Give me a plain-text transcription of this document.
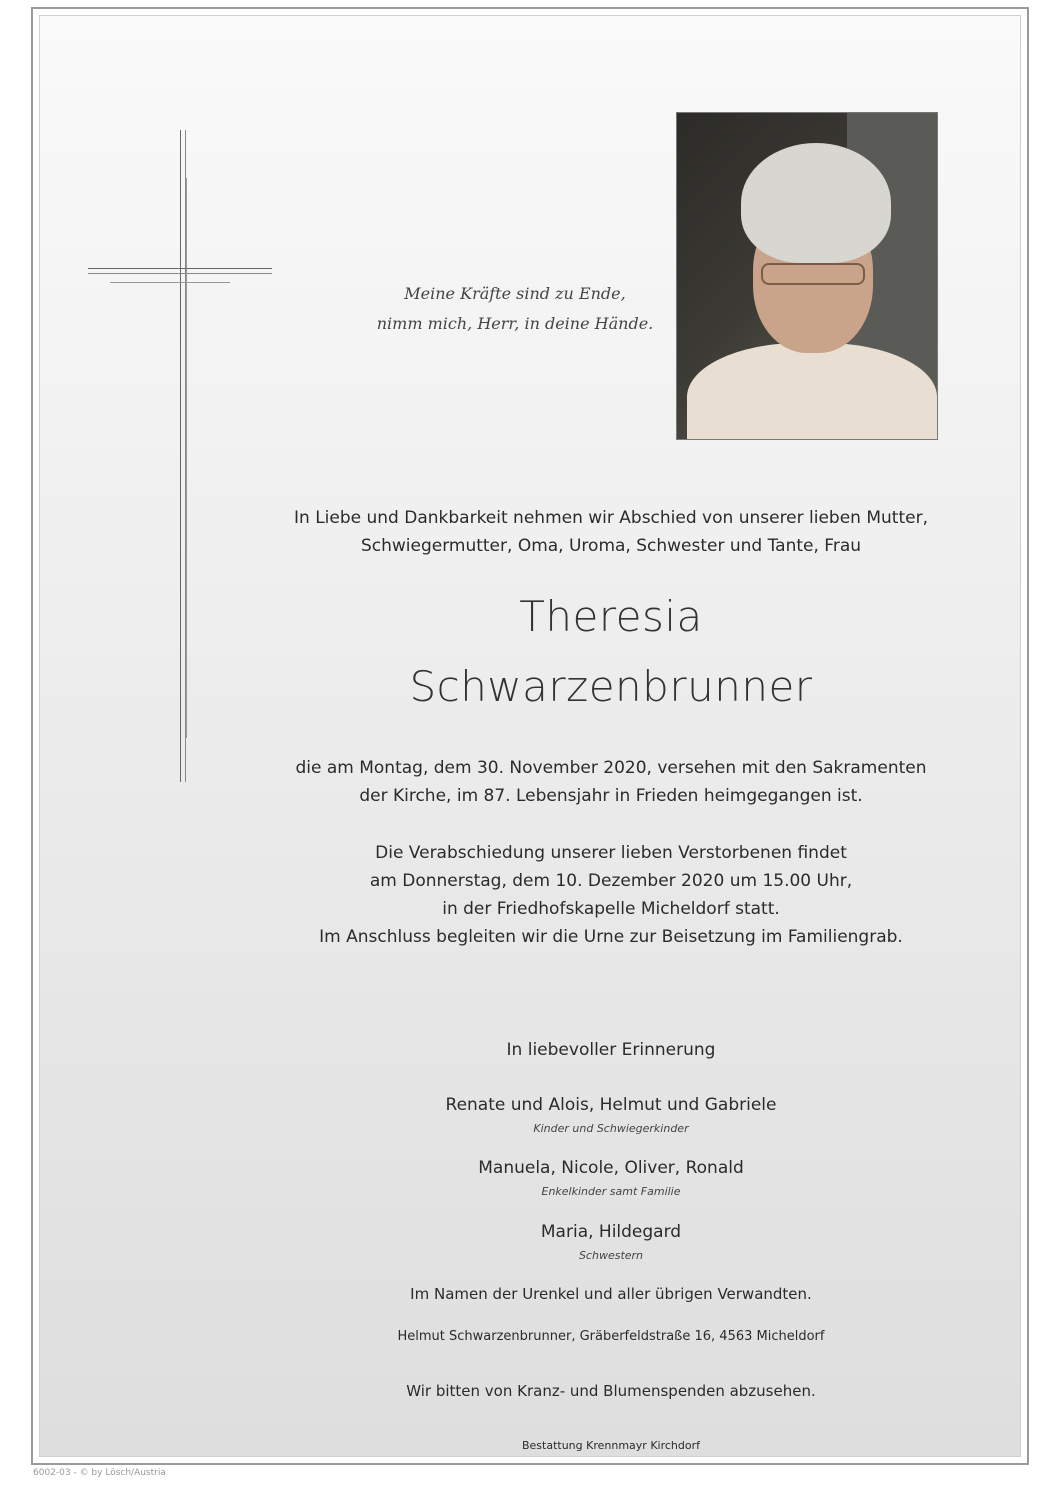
Meine Kräfte sind zu Ende,
nimm mich, Herr, in deine Hände.
In Liebe und Dankbarkeit nehmen wir Abschied von unserer lieben Mutter,
Schwiegermutter, Oma, Uroma, Schwester und Tante, Frau
Theresia
Schwarzenbrunner
die am Montag, dem 30. November 2020, versehen mit den Sakramenten
der Kirche, im 87. Lebensjahr in Frieden heimgegangen ist.
Die Verabschiedung unserer lieben Verstorbenen findet
am Donnerstag, dem 10. Dezember 2020 um 15.00 Uhr,
in der Friedhofskapelle Micheldorf statt.
Im Anschluss begleiten wir die Urne zur Beisetzung im Familiengrab.
In liebevoller Erinnerung
Renate und Alois, Helmut und Gabriele
Kinder und Schwiegerkinder
Manuela, Nicole, Oliver, Ronald
Enkelkinder samt Familie
Maria, Hildegard
Schwestern
Im Namen der Urenkel und aller übrigen Verwandten.
Helmut Schwarzenbrunner, Gräberfeldstraße 16, 4563 Micheldorf
Wir bitten von Kranz- und Blumenspenden abzusehen.
Bestattung Krennmayr Kirchdorf
6002-03 - © by Lösch/Austria
